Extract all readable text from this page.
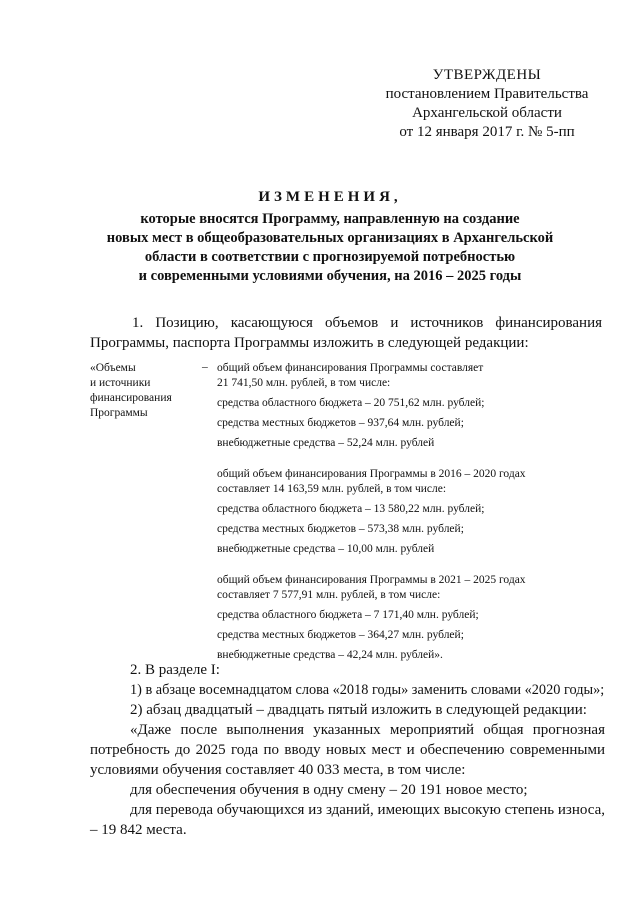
УТВЕРЖДЕНЫ
постановлением Правительства
Архангельской области
от 12 января 2017 г. № 5-пп
ИЗМЕНЕНИЯ,
которые вносятся Программу, направленную на создание
новых мест в общеобразовательных организациях в Архангельской
области в соответствии с прогнозируемой потребностью
и современными условиями обучения, на 2016 – 2025 годы
1. Позицию, касающуюся объемов и источников финансирования Программы, паспорта Программы изложить в следующей редакции:
«Объемы
и источники
финансирования
Программы
– общий объем финансирования Программы составляет
21 741,50 млн. рублей, в том числе:
средства областного бюджета – 20 751,62 млн. рублей;
средства местных бюджетов – 937,64 млн. рублей;
внебюджетные средства – 52,24 млн. рублей
общий объем финансирования Программы в 2016 – 2020 годах
составляет 14 163,59 млн. рублей, в том числе:
средства областного бюджета – 13 580,22 млн. рублей;
средства местных бюджетов – 573,38 млн. рублей;
внебюджетные средства – 10,00 млн. рублей
общий объем финансирования Программы в 2021 – 2025 годах
составляет 7 577,91 млн. рублей, в том числе:
средства областного бюджета – 7 171,40 млн. рублей;
средства местных бюджетов – 364,27 млн. рублей;
внебюджетные средства – 42,24 млн. рублей».
2. В разделе I:
1) в абзаце восемнадцатом слова «2018 годы» заменить словами «2020 годы»;
2) абзац двадцатый – двадцать пятый изложить в следующей редакции:
«Даже после выполнения указанных мероприятий общая прогнозная потребность до 2025 года по вводу новых мест и обеспечению современными условиями обучения составляет 40 033 места, в том числе:
для обеспечения обучения в одну смену – 20 191 новое место;
для перевода обучающихся из зданий, имеющих высокую степень износа, – 19 842 места.
